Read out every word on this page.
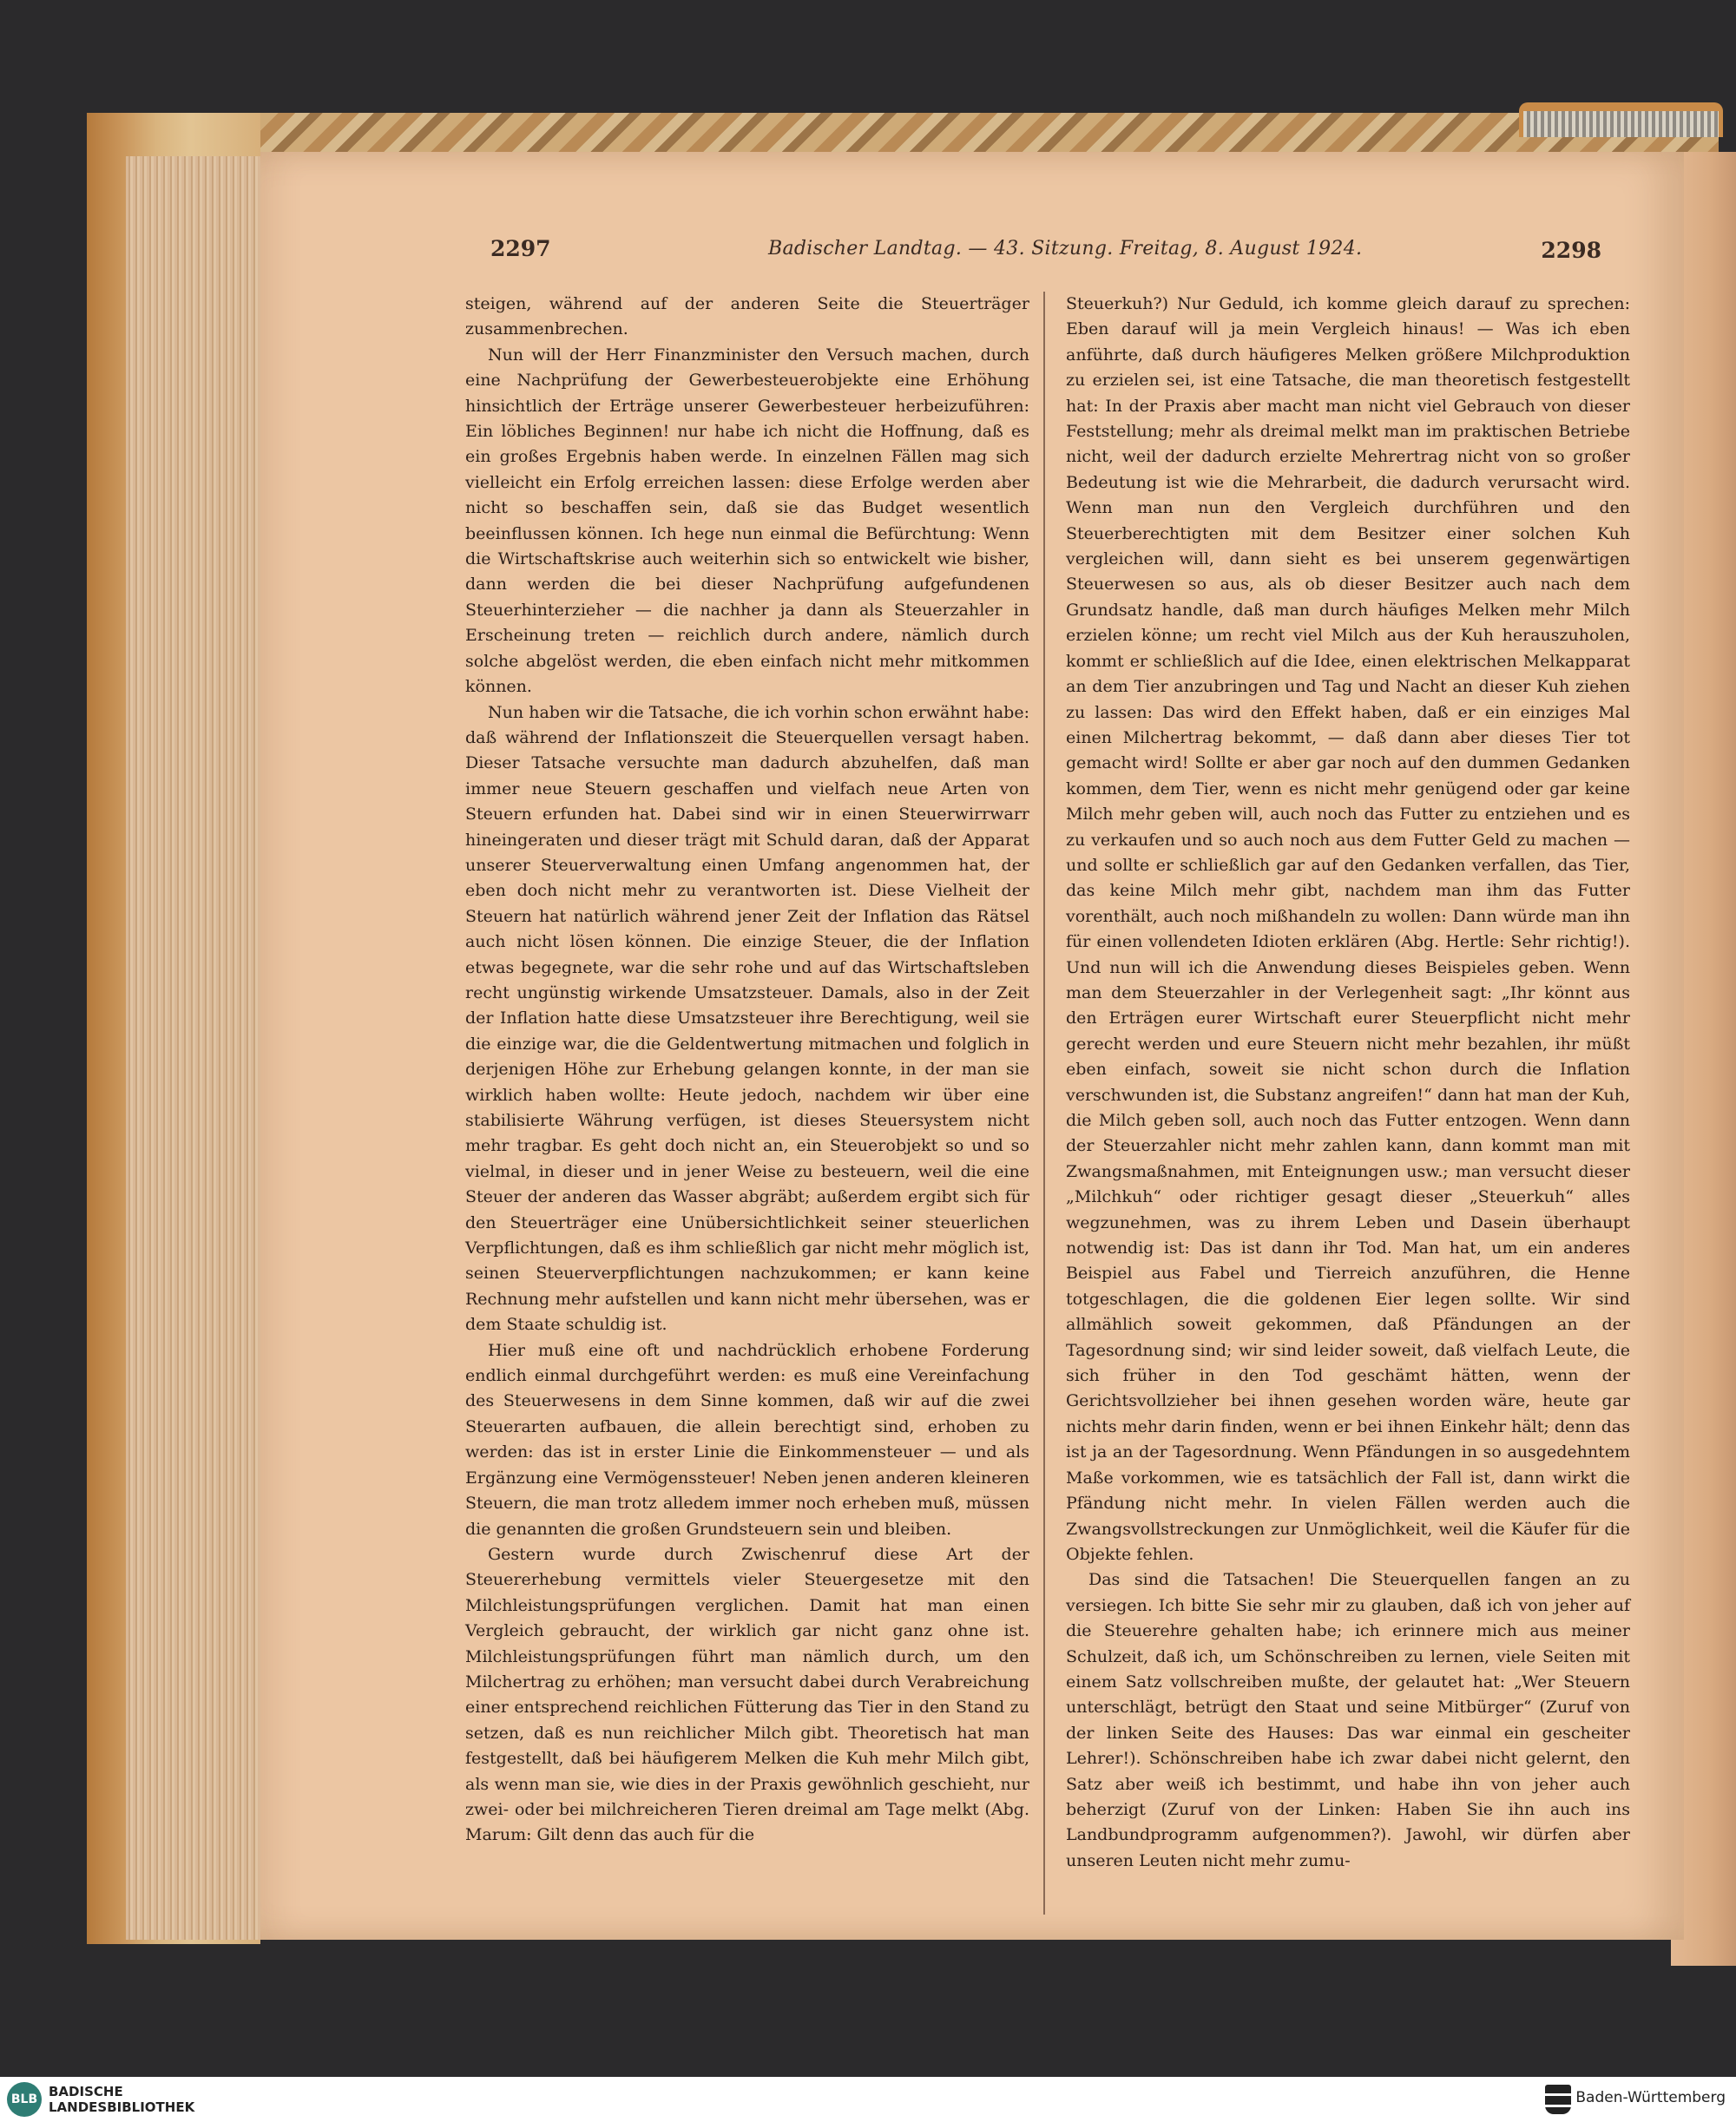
2297	Badischer Landtag. — 43. Sitzung. Freitag, 8. August 1924.	2298

steigen, während auf der anderen Seite die Steuerträger zusammenbrechen.

Nun will der Herr Finanzminister den Versuch machen, durch eine Nachprüfung der Gewerbesteuerobjekte eine Erhöhung hinsichtlich der Erträge unserer Gewerbesteuer herbeizuführen: Ein löbliches Beginnen! nur habe ich nicht die Hoffnung, daß es ein großes Ergebnis haben werde. In einzelnen Fällen mag sich vielleicht ein Erfolg erreichen lassen: diese Erfolge werden aber nicht so beschaffen sein, daß sie das Budget wesentlich beeinflussen können. Ich hege nun einmal die Befürchtung: Wenn die Wirtschaftskrise auch weiterhin sich so entwickelt wie bisher, dann werden die bei dieser Nachprüfung aufgefundenen Steuerhinterzieher — die nachher ja dann als Steuerzahler in Erscheinung treten — reichlich durch andere, nämlich durch solche abgelöst werden, die eben einfach nicht mehr mitkommen können.

Nun haben wir die Tatsache, die ich vorhin schon erwähnt habe: daß während der Inflationszeit die Steuerquellen versagt haben. Dieser Tatsache versuchte man dadurch abzuhelfen, daß man immer neue Steuern geschaffen und vielfach neue Arten von Steuern erfunden hat. Dabei sind wir in einen Steuerwirrwarr hineingeraten und dieser trägt mit Schuld daran, daß der Apparat unserer Steuerverwaltung einen Umfang angenommen hat, der eben doch nicht mehr zu verantworten ist. Diese Vielheit der Steuern hat natürlich während jener Zeit der Inflation das Rätsel auch nicht lösen können. Die einzige Steuer, die der Inflation etwas begegnete, war die sehr rohe und auf das Wirtschaftsleben recht ungünstig wirkende Umsatzsteuer. Damals, also in der Zeit der Inflation hatte diese Umsatzsteuer ihre Berechtigung, weil sie die einzige war, die die Geldentwertung mitmachen und folglich in derjenigen Höhe zur Erhebung gelangen konnte, in der man sie wirklich haben wollte: Heute jedoch, nachdem wir über eine stabilisierte Währung verfügen, ist dieses Steuersystem nicht mehr tragbar. Es geht doch nicht an, ein Steuerobjekt so und so vielmal, in dieser und in jener Weise zu besteuern, weil die eine Steuer der anderen das Wasser abgräbt; außerdem ergibt sich für den Steuerträger eine Unübersichtlichkeit seiner steuerlichen Verpflichtungen, daß es ihm schließlich gar nicht mehr möglich ist, seinen Steuerverpflichtungen nachzukommen; er kann keine Rechnung mehr aufstellen und kann nicht mehr übersehen, was er dem Staate schuldig ist.

Hier muß eine oft und nachdrücklich erhobene Forderung endlich einmal durchgeführt werden: es muß eine Vereinfachung des Steuerwesens in dem Sinne kommen, daß wir auf die zwei Steuerarten aufbauen, die allein berechtigt sind, erhoben zu werden: das ist in erster Linie die Einkommensteuer — und als Ergänzung eine Vermögenssteuer! Neben jenen anderen kleineren Steuern, die man trotz alledem immer noch erheben muß, müssen die genannten die großen Grundsteuern sein und bleiben.

Gestern wurde durch Zwischenruf diese Art der Steuererhebung vermittels vieler Steuergesetze mit den Milchleistungsprüfungen verglichen. Damit hat man einen Vergleich gebraucht, der wirklich gar nicht ganz ohne ist. Milchleistungsprüfungen führt man nämlich durch, um den Milchertrag zu erhöhen; man versucht dabei durch Verabreichung einer entsprechend reichlichen Fütterung das Tier in den Stand zu setzen, daß es nun reichlicher Milch gibt. Theoretisch hat man festgestellt, daß bei häufigerem Melken die Kuh mehr Milch gibt, als wenn man sie, wie dies in der Praxis gewöhnlich geschieht, nur zwei- oder bei milchreicheren Tieren dreimal am Tage melkt (Abg. Marum: Gilt denn das auch für die

Steuerkuh?) Nur Geduld, ich komme gleich darauf zu sprechen: Eben darauf will ja mein Vergleich hinaus! — Was ich eben anführte, daß durch häufigeres Melken größere Milchproduktion zu erzielen sei, ist eine Tatsache, die man theoretisch festgestellt hat: In der Praxis aber macht man nicht viel Gebrauch von dieser Feststellung; mehr als dreimal melkt man im praktischen Betriebe nicht, weil der dadurch erzielte Mehrertrag nicht von so großer Bedeutung ist wie die Mehrarbeit, die dadurch verursacht wird. Wenn man nun den Vergleich durchführen und den Steuerberechtigten mit dem Besitzer einer solchen Kuh vergleichen will, dann sieht es bei unserem gegenwärtigen Steuerwesen so aus, als ob dieser Besitzer auch nach dem Grundsatz handle, daß man durch häufiges Melken mehr Milch erzielen könne; um recht viel Milch aus der Kuh herauszuholen, kommt er schließlich auf die Idee, einen elektrischen Melkapparat an dem Tier anzubringen und Tag und Nacht an dieser Kuh ziehen zu lassen: Das wird den Effekt haben, daß er ein einziges Mal einen Milchertrag bekommt, — daß dann aber dieses Tier tot gemacht wird! Sollte er aber gar noch auf den dummen Gedanken kommen, dem Tier, wenn es nicht mehr genügend oder gar keine Milch mehr geben will, auch noch das Futter zu entziehen und es zu verkaufen und so auch noch aus dem Futter Geld zu machen — und sollte er schließlich gar auf den Gedanken verfallen, das Tier, das keine Milch mehr gibt, nachdem man ihm das Futter vorenthält, auch noch mißhandeln zu wollen: Dann würde man ihn für einen vollendeten Idioten erklären (Abg. Hertle: Sehr richtig!). Und nun will ich die Anwendung dieses Beispieles geben. Wenn man dem Steuerzahler in der Verlegenheit sagt: „Ihr könnt aus den Erträgen eurer Wirtschaft eurer Steuerpflicht nicht mehr gerecht werden und eure Steuern nicht mehr bezahlen, ihr müßt eben einfach, soweit sie nicht schon durch die Inflation verschwunden ist, die Substanz angreifen!“ dann hat man der Kuh, die Milch geben soll, auch noch das Futter entzogen. Wenn dann der Steuerzahler nicht mehr zahlen kann, dann kommt man mit Zwangsmaßnahmen, mit Enteignungen usw.; man versucht dieser „Milchkuh“ oder richtiger gesagt dieser „Steuerkuh“ alles wegzunehmen, was zu ihrem Leben und Dasein überhaupt notwendig ist: Das ist dann ihr Tod. Man hat, um ein anderes Beispiel aus Fabel und Tierreich anzuführen, die Henne totgeschlagen, die die goldenen Eier legen sollte. Wir sind allmählich soweit gekommen, daß Pfändungen an der Tagesordnung sind; wir sind leider soweit, daß vielfach Leute, die sich früher in den Tod geschämt hätten, wenn der Gerichtsvollzieher bei ihnen gesehen worden wäre, heute gar nichts mehr darin finden, wenn er bei ihnen Einkehr hält; denn das ist ja an der Tagesordnung. Wenn Pfändungen in so ausgedehntem Maße vorkommen, wie es tatsächlich der Fall ist, dann wirkt die Pfändung nicht mehr. In vielen Fällen werden auch die Zwangsvollstreckungen zur Unmöglichkeit, weil die Käufer für die Objekte fehlen.

Das sind die Tatsachen! Die Steuerquellen fangen an zu versiegen. Ich bitte Sie sehr mir zu glauben, daß ich von jeher auf die Steuerehre gehalten habe; ich erinnere mich aus meiner Schulzeit, daß ich, um Schönschreiben zu lernen, viele Seiten mit einem Satz vollschreiben mußte, der gelautet hat: „Wer Steuern unterschlägt, betrügt den Staat und seine Mitbürger“ (Zuruf von der linken Seite des Hauses: Das war einmal ein gescheiter Lehrer!). Schönschreiben habe ich zwar dabei nicht gelernt, den Satz aber weiß ich bestimmt, und habe ihn von jeher auch beherzigt (Zuruf von der Linken: Haben Sie ihn auch ins Landbundprogramm aufgenommen?). Jawohl, wir dürfen aber unseren Leuten nicht mehr zumu-

BLB BADISCHE
LANDESBIBLIOTHEK
Baden-Württemberg
